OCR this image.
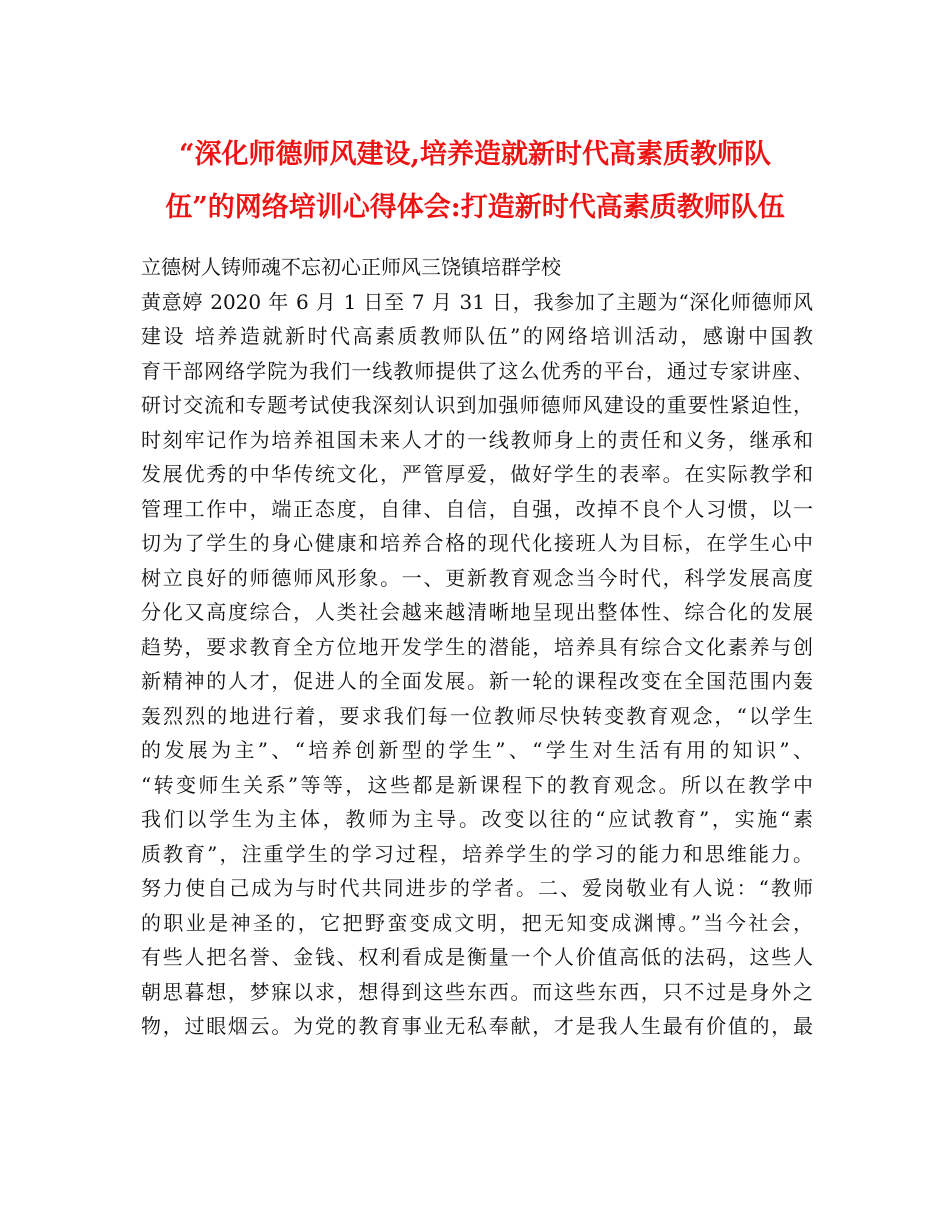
“深化师德师风建设,培养造就新时代高素质教师队
伍”的网络培训心得体会:打造新时代高素质教师队伍
立德树人铸师魂不忘初心正师风三饶镇培群学校
黄意婷 2020 年 6 月 1 日至 7 月 31 日，我参加了主题为“深化师德师风
建设 培养造就新时代高素质教师队伍”的网络培训活动，感谢中国教
育干部网络学院为我们一线教师提供了这么优秀的平台，通过专家讲座、
研讨交流和专题考试使我深刻认识到加强师德师风建设的重要性紧迫性，
时刻牢记作为培养祖国未来人才的一线教师身上的责任和义务，继承和
发展优秀的中华传统文化，严管厚爱，做好学生的表率。在实际教学和
管理工作中，端正态度，自律、自信，自强，改掉不良个人习惯，以一
切为了学生的身心健康和培养合格的现代化接班人为目标，在学生心中
树立良好的师德师风形象。一、更新教育观念当今时代，科学发展高度
分化又高度综合，人类社会越来越清晰地呈现出整体性、综合化的发展
趋势，要求教育全方位地开发学生的潜能，培养具有综合文化素养与创
新精神的人才，促进人的全面发展。新一轮的课程改变在全国范围内轰
轰烈烈的地进行着，要求我们每一位教师尽快转变教育观念，“以学生
的发展为主”、“培养创新型的学生”、“学生对生活有用的知识”、
“转变师生关系”等等，这些都是新课程下的教育观念。所以在教学中
我们以学生为主体，教师为主导。改变以往的“应试教育”，实施“素
质教育”，注重学生的学习过程，培养学生的学习的能力和思维能力。
努力使自己成为与时代共同进步的学者。二、爱岗敬业有人说：“教师
的职业是神圣的，它把野蛮变成文明，把无知变成渊博。”当今社会，
有些人把名誉、金钱、权利看成是衡量一个人价值高低的法码，这些人
朝思暮想，梦寐以求，想得到这些东西。而这些东西，只不过是身外之
物，过眼烟云。为党的教育事业无私奉献，才是我人生最有价值的，最
